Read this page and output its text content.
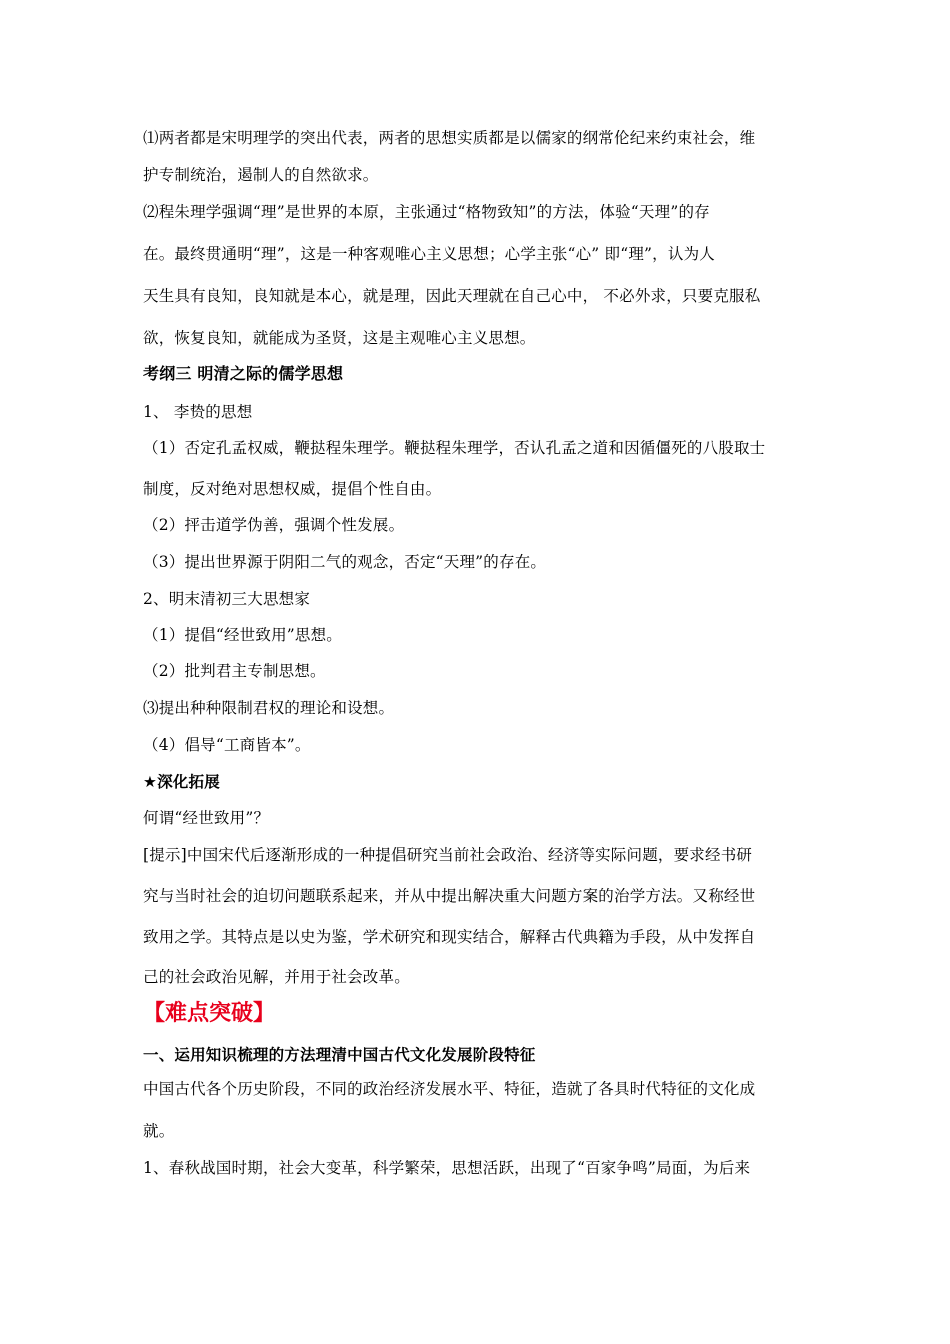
⑴两者都是宋明理学的突出代表，两者的思想实质都是以儒家的纲常伦纪来约束社会，维
护专制统治，遏制人的自然欲求。
⑵程朱理学强调“理”是世界的本原，主张通过“格物致知”的方法，体验“天理”的存
在。最终贯通明“理”，这是一种客观唯心主义思想；心学主张“心” 即“理”，认为人
天生具有良知，良知就是本心，就是理，因此天理就在自己心中， 不必外求，只要克服私
欲，恢复良知，就能成为圣贤，这是主观唯心主义思想。
考纲三 明清之际的儒学思想
1、 李贽的思想
（1）否定孔孟权威，鞭挞程朱理学。鞭挞程朱理学，否认孔孟之道和因循僵死的八股取士
制度，反对绝对思想权威，提倡个性自由。
（2）抨击道学伪善，强调个性发展。
（3）提出世界源于阴阳二气的观念，否定“天理”的存在。
2、明末清初三大思想家
（1）提倡“经世致用”思想。
（2）批判君主专制思想。
⑶提出种种限制君权的理论和设想。
（4）倡导“工商皆本”。
★深化拓展
何谓“经世致用”？
[提示]中国宋代后逐渐形成的一种提倡研究当前社会政治、经济等实际问题，要求经书研
究与当时社会的迫切问题联系起来，并从中提出解决重大问题方案的治学方法。又称经世
致用之学。其特点是以史为鉴，学术研究和现实结合，解释古代典籍为手段，从中发挥自
己的社会政治见解，并用于社会改革。
【难点突破】
一、运用知识梳理的方法理清中国古代文化发展阶段特征
中国古代各个历史阶段，不同的政治经济发展水平、特征，造就了各具时代特征的文化成
就。
1、春秋战国时期，社会大变革，科学繁荣，思想活跃，出现了“百家争鸣”局面，为后来
